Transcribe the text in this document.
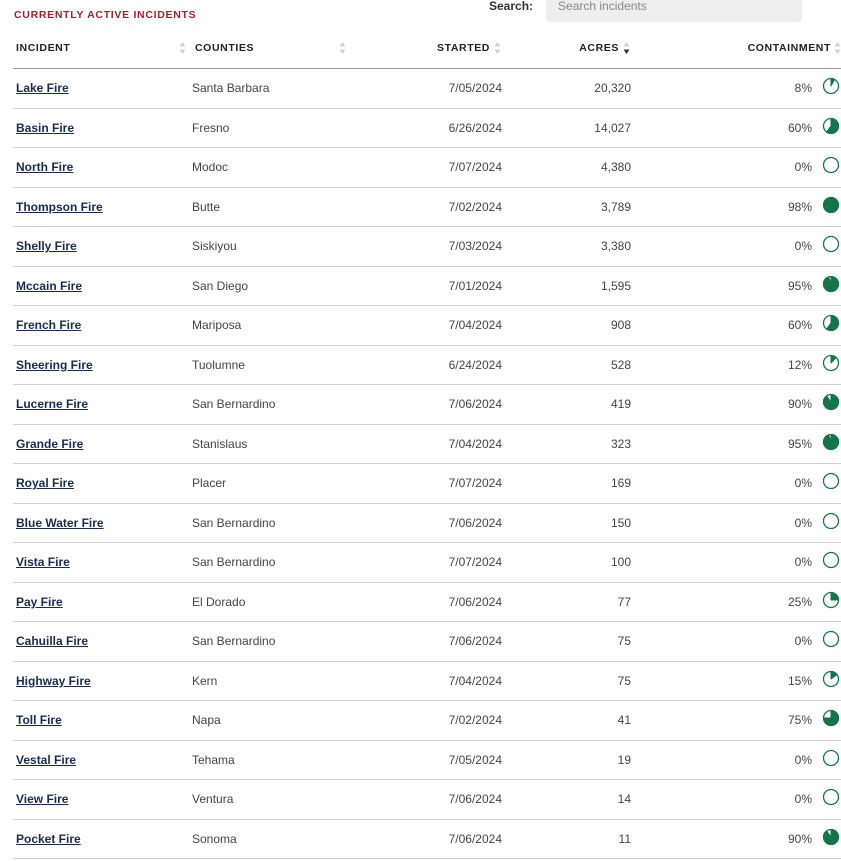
CURRENTLY ACTIVE INCIDENTS
Search:
Search incidents
INCIDENT	COUNTIES	STARTED	ACRES	CONTAINMENT

Lake Fire	Santa Barbara	7/05/2024	20,320	8%
Basin Fire	Fresno	6/26/2024	14,027	60%
North Fire	Modoc	7/07/2024	4,380	0%
Thompson Fire	Butte	7/02/2024	3,789	98%
Shelly Fire	Siskiyou	7/03/2024	3,380	0%
Mccain Fire	San Diego	7/01/2024	1,595	95%
French Fire	Mariposa	7/04/2024	908	60%
Sheering Fire	Tuolumne	6/24/2024	528	12%
Lucerne Fire	San Bernardino	7/06/2024	419	90%
Grande Fire	Stanislaus	7/04/2024	323	95%
Royal Fire	Placer	7/07/2024	169	0%
Blue Water Fire	San Bernardino	7/06/2024	150	0%
Vista Fire	San Bernardino	7/07/2024	100	0%
Pay Fire	El Dorado	7/06/2024	77	25%
Cahuilla Fire	San Bernardino	7/06/2024	75	0%
Highway Fire	Kern	7/04/2024	75	15%
Toll Fire	Napa	7/02/2024	41	75%
Vestal Fire	Tehama	7/05/2024	19	0%
View Fire	Ventura	7/06/2024	14	0%
Pocket Fire	Sonoma	7/06/2024	11	90%
